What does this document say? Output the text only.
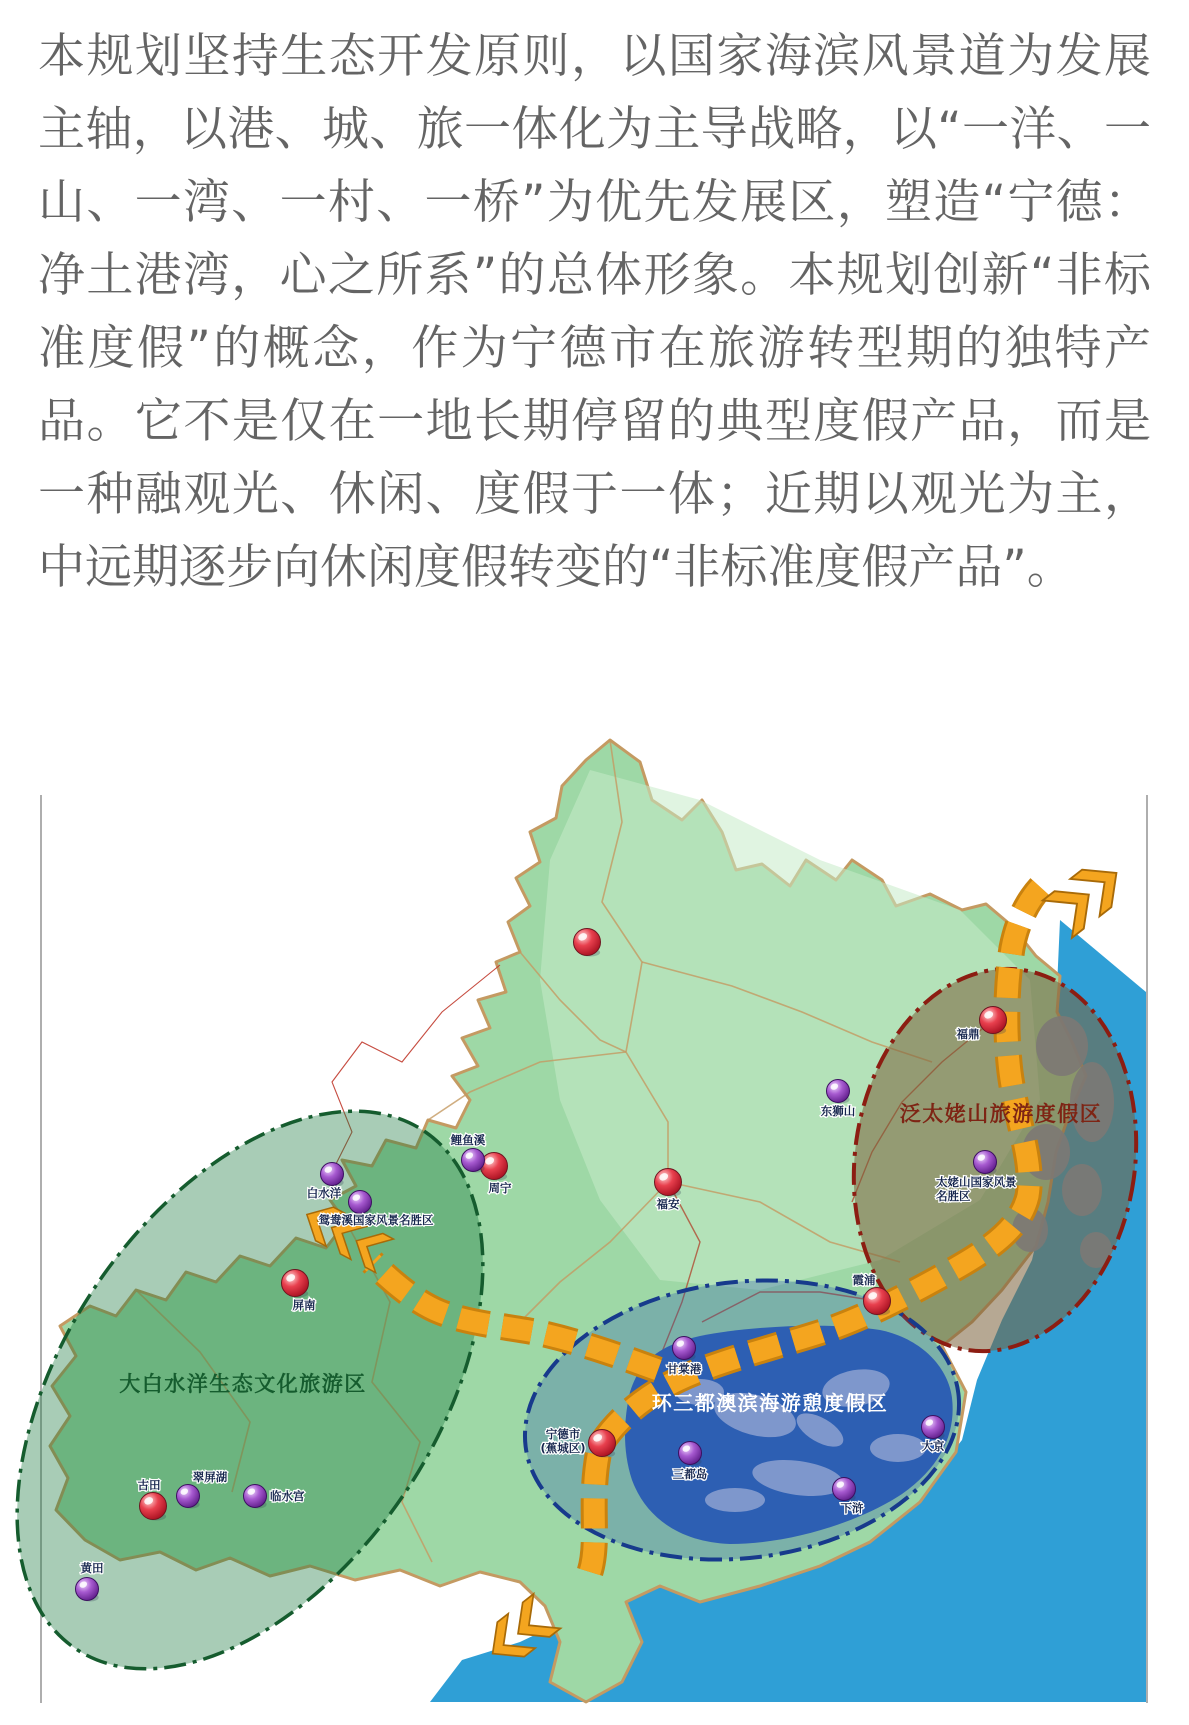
本规划坚持生态开发原则，以国家海滨风景道为发展主轴，以港、城、旅一体化为主导战略，以“一洋、一山、一湾、一村、一桥”为优先发展区，塑造“宁德：净土港湾，心之所系”的总体形象。本规划创新“非标准度假”的概念，作为宁德市在旅游转型期的独特产品。它不是仅在一地长期停留的典型度假产品，而是一种融观光、休闲、度假于一体；近期以观光为主，中远期逐步向休闲度假转变的“非标准度假产品”。

福鼎
福安
周宁
屏南
古田
宁德市(蕉城区)
霞浦
东狮山
太姥山国家风景名胜区
鲤鱼溪
白水洋
鸳鸯溪国家风景名胜区
翠屏湖
临水宫
黄田
甘棠港
三都岛
大京
下浒
大白水洋生态文化旅游区
泛太姥山旅游度假区
环三都澳滨海游憩度假区
